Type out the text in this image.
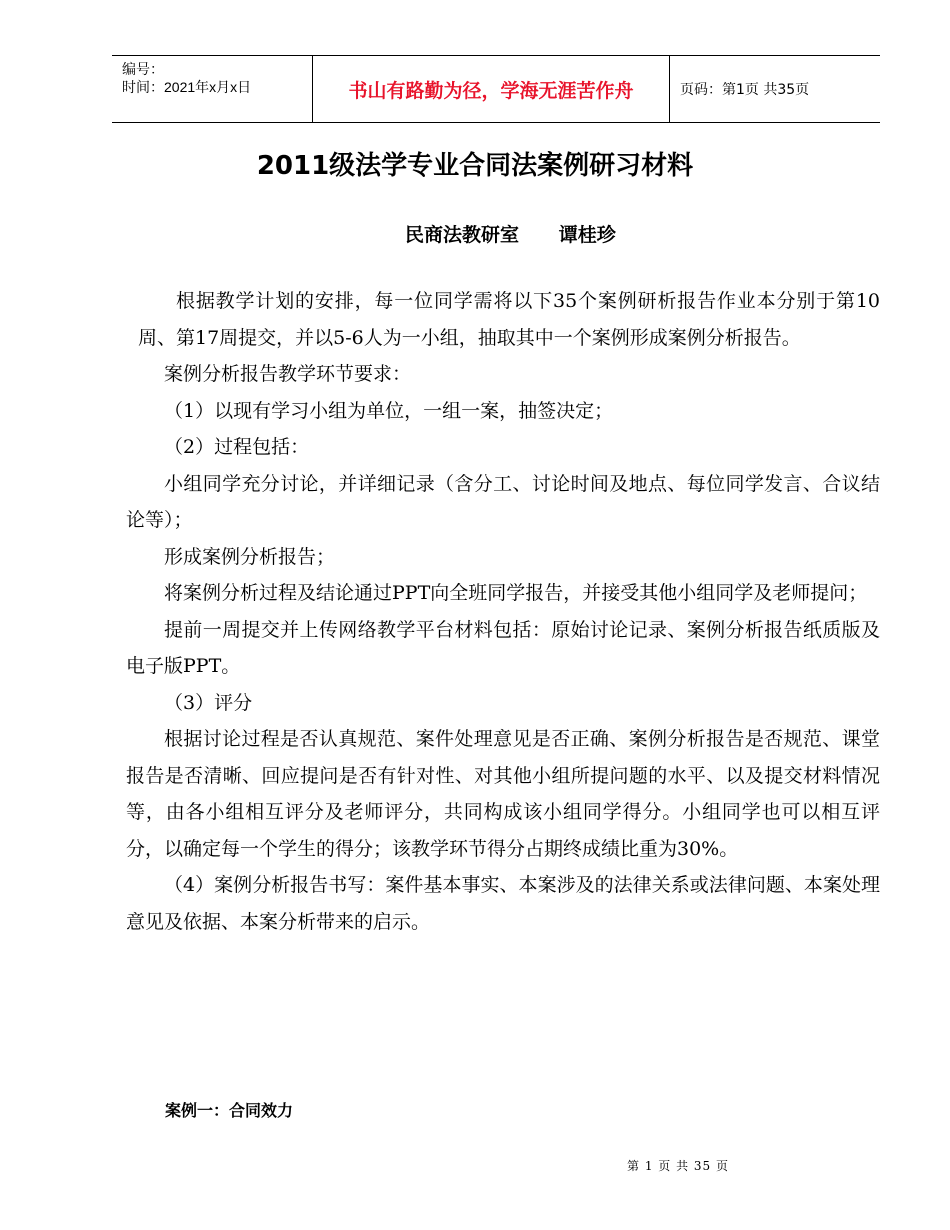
编号：
时间：2021年x月x日	书山有路勤为径，学海无涯苦作舟	页码：第1页 共35页
2011级法学专业合同法案例研习材料
民商法教研室      谭桂珍

根据教学计划的安排，每一位同学需将以下35个案例研析报告作业本分别于第10周、第17周提交，并以5-6人为一小组，抽取其中一个案例形成案例分析报告。

案例分析报告教学环节要求：

（1）以现有学习小组为单位，一组一案，抽签决定；

（2）过程包括：

小组同学充分讨论，并详细记录（含分工、讨论时间及地点、每位同学发言、合议结论等）；

形成案例分析报告；

将案例分析过程及结论通过PPT向全班同学报告，并接受其他小组同学及老师提问；

提前一周提交并上传网络教学平台材料包括：原始讨论记录、案例分析报告纸质版及电子版PPT。

（3）评分

根据讨论过程是否认真规范、案件处理意见是否正确、案例分析报告是否规范、课堂报告是否清晰、回应提问是否有针对性、对其他小组所提问题的水平、以及提交材料情况等，由各小组相互评分及老师评分，共同构成该小组同学得分。小组同学也可以相互评分，以确定每一个学生的得分；该教学环节得分占期终成绩比重为30%。

（4）案例分析报告书写：案件基本事实、本案涉及的法律关系或法律问题、本案处理意见及依据、本案分析带来的启示。

案例一：合同效力
第 1 页 共 35 页
